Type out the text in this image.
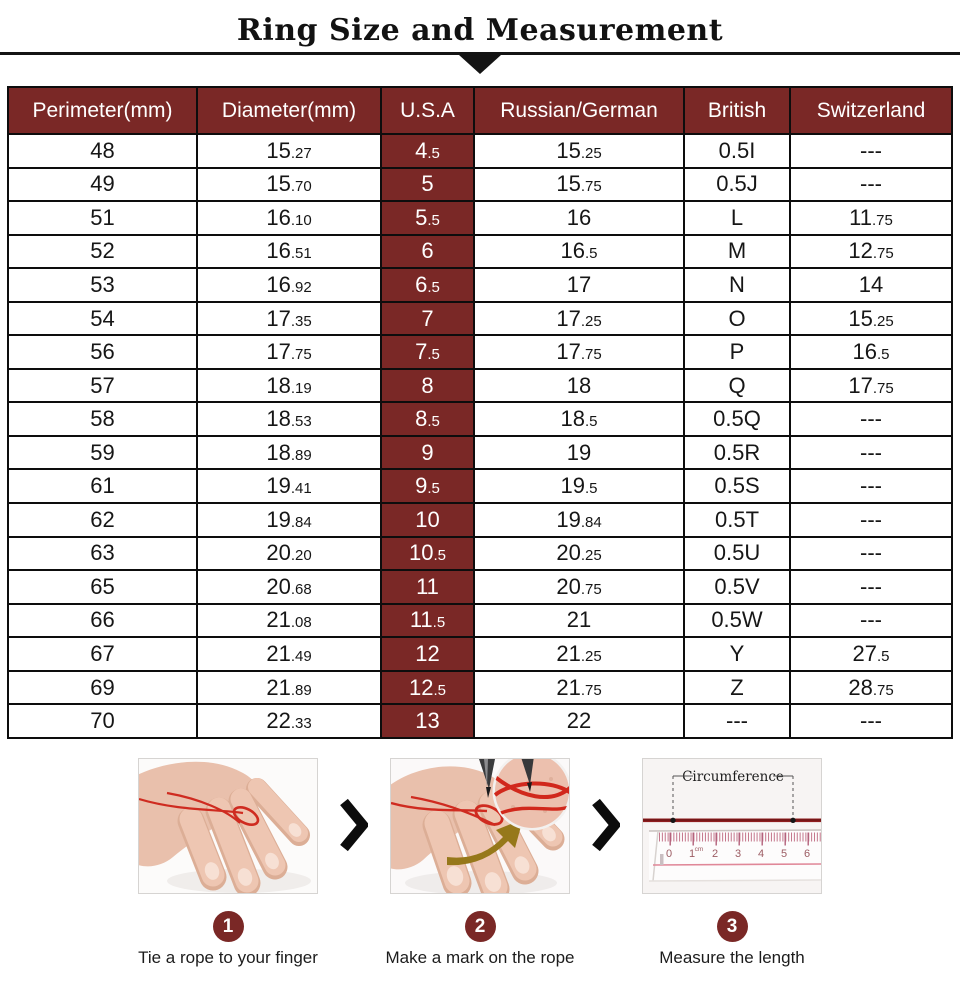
Ring Size and Measurement
Perimeter(mm)	Diameter(mm)	U.S.A	Russian/German	British	Switzerland
48	15.27	4.5	15.25	0.5I	---
49	15.70	5	15.75	0.5J	---
51	16.10	5.5	16	L	11.75
52	16.51	6	16.5	M	12.75
53	16.92	6.5	17	N	14
54	17.35	7	17.25	O	15.25
56	17.75	7.5	17.75	P	16.5
57	18.19	8	18	Q	17.75
58	18.53	8.5	18.5	0.5Q	---
59	18.89	9	19	0.5R	---
61	19.41	9.5	19.5	0.5S	---
62	19.84	10	19.84	0.5T	---
63	20.20	10.5	20.25	0.5U	---
65	20.68	11	20.75	0.5V	---
66	21.08	11.5	21	0.5W	---
67	21.49	12	21.25	Y	27.5
69	21.89	12.5	21.75	Z	28.75
70	22.33	13	22	---	---
1
Tie a rope to your finger
2
Make a mark on the rope
Circumference
0 1 2 3 4 5 6
cm
3
Measure the length
